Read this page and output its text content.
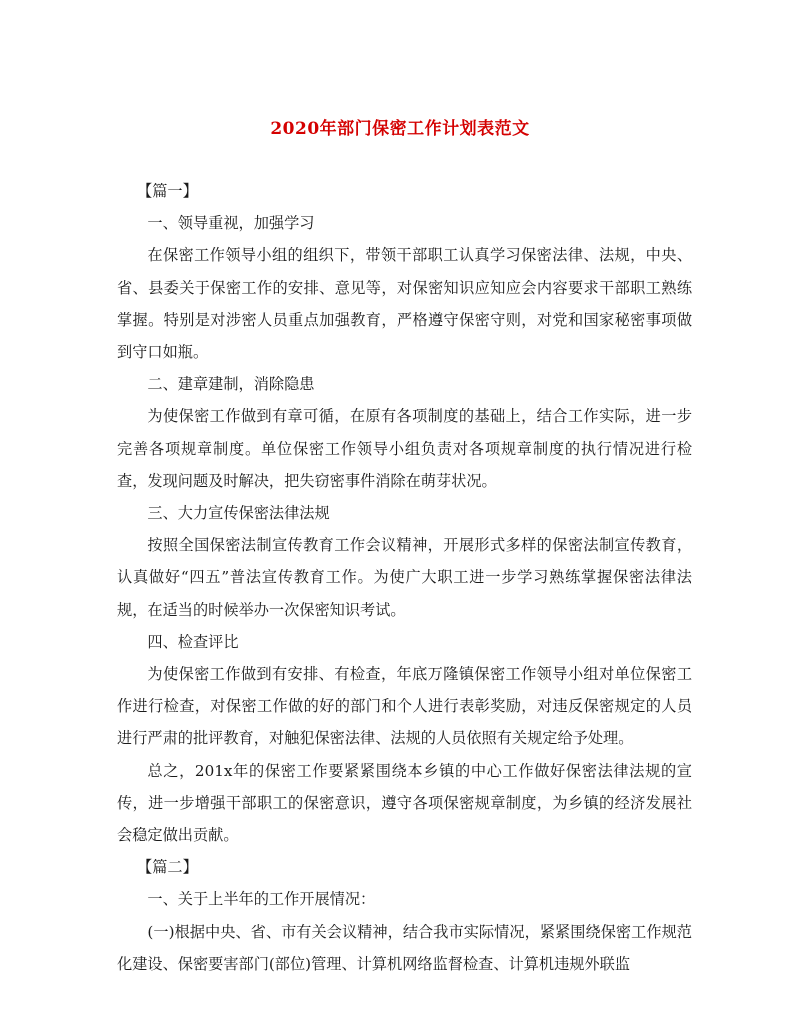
2020年部门保密工作计划表范文

【篇一】

一、领导重视，加强学习

在保密工作领导小组的组织下，带领干部职工认真学习保密法律、法规，中央、省、县委关于保密工作的安排、意见等，对保密知识应知应会内容要求干部职工熟练掌握。特别是对涉密人员重点加强教育，严格遵守保密守则，对党和国家秘密事项做到守口如瓶。

二、建章建制，消除隐患

为使保密工作做到有章可循，在原有各项制度的基础上，结合工作实际，进一步完善各项规章制度。单位保密工作领导小组负责对各项规章制度的执行情况进行检查，发现问题及时解决，把失窃密事件消除在萌芽状况。

三、大力宣传保密法律法规

按照全国保密法制宣传教育工作会议精神，开展形式多样的保密法制宣传教育，认真做好“四五”普法宣传教育工作。为使广大职工进一步学习熟练掌握保密法律法规，在适当的时候举办一次保密知识考试。

四、检查评比

为使保密工作做到有安排、有检查，年底万隆镇保密工作领导小组对单位保密工作进行检查，对保密工作做的好的部门和个人进行表彰奖励，对违反保密规定的人员进行严肃的批评教育，对触犯保密法律、法规的人员依照有关规定给予处理。

总之，201x年的保密工作要紧紧围绕本乡镇的中心工作做好保密法律法规的宣传，进一步增强干部职工的保密意识，遵守各项保密规章制度，为乡镇的经济发展社会稳定做出贡献。

【篇二】

一、关于上半年的工作开展情况：

(一)根据中央、省、市有关会议精神，结合我市实际情况，紧紧围绕保密工作规范化建设、保密要害部门(部位)管理、计算机网络监督检查、计算机违规外联监
